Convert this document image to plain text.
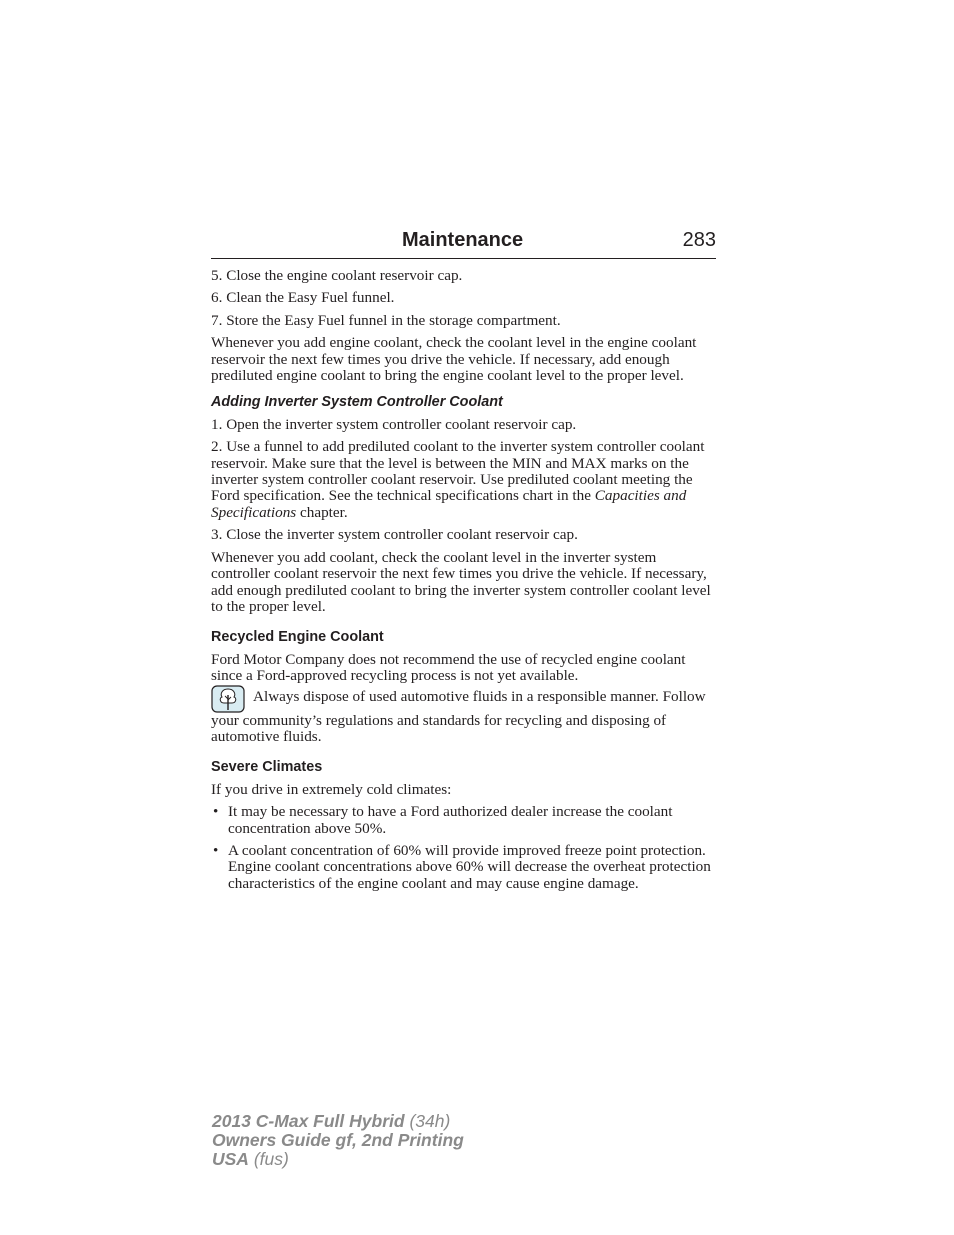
Maintenance	283

5. Close the engine coolant reservoir cap.

6. Clean the Easy Fuel funnel.

7. Store the Easy Fuel funnel in the storage compartment.

Whenever you add engine coolant, check the coolant level in the engine coolant reservoir the next few times you drive the vehicle. If necessary, add enough prediluted engine coolant to bring the engine coolant level to the proper level.

Adding Inverter System Controller Coolant

1. Open the inverter system controller coolant reservoir cap.

2. Use a funnel to add prediluted coolant to the inverter system controller coolant reservoir. Make sure that the level is between the MIN and MAX marks on the inverter system controller coolant reservoir. Use prediluted coolant meeting the Ford specification. See the technical specifications chart in the Capacities and Specifications chapter.

3. Close the inverter system controller coolant reservoir cap.

Whenever you add coolant, check the coolant level in the inverter system controller coolant reservoir the next few times you drive the vehicle. If necessary, add enough prediluted coolant to bring the inverter system controller coolant level to the proper level.

Recycled Engine Coolant

Ford Motor Company does not recommend the use of recycled engine coolant since a Ford-approved recycling process is not yet available.

Always dispose of used automotive fluids in a responsible manner. Follow your community’s regulations and standards for recycling and disposing of automotive fluids.

Severe Climates

If you drive in extremely cold climates:

• It may be necessary to have a Ford authorized dealer increase the coolant concentration above 50%.
• A coolant concentration of 60% will provide improved freeze point protection. Engine coolant concentrations above 60% will decrease the overheat protection characteristics of the engine coolant and may cause engine damage.
2013 C-Max Full Hybrid (34h)
Owners Guide gf, 2nd Printing
USA (fus)
